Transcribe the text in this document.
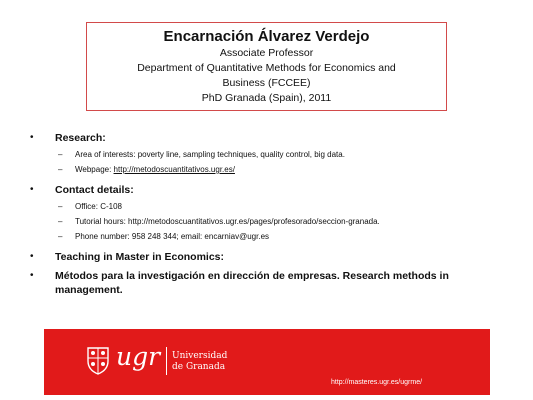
Encarnación Álvarez Verdejo
Associate Professor
Department of Quantitative Methods for Economics and
Business (FCCEE)
PhD Granada (Spain), 2011
• Research:
– Area of interests: poverty line, sampling techniques, quality control, big data.
– Webpage: http://metodoscuantitativos.ugr.es/
• Contact details:
– Office: C-108
– Tutorial hours: http://metodoscuantitativos.ugr.es/pages/profesorado/seccion-granada.
– Phone number: 958 248 344; email: encarniav@ugr.es
• Teaching in Master in Economics:
• Métodos para la investigación en dirección de empresas. Research methods in management.
ugr Universidad
de Granada
http://masteres.ugr.es/ugrme/
